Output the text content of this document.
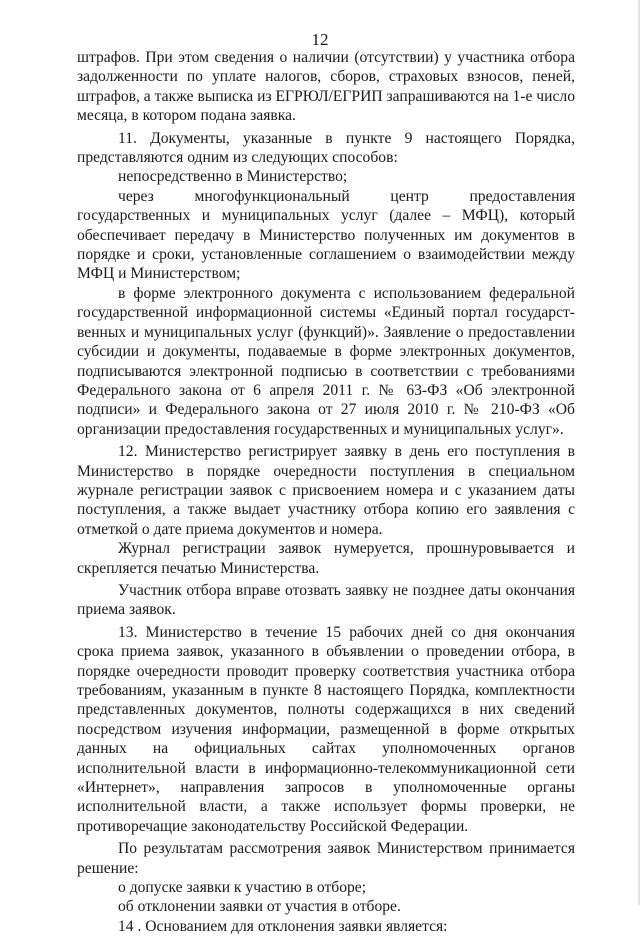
12

штрафов. При этом сведения о наличии (отсутствии) у участника отбора задолженности по уплате налогов, сборов, страховых взносов, пеней, штрафов, а также выписка из ЕГРЮЛ/ЕГРИП запрашиваются на 1-е число месяца, в котором подана заявка.

11. Документы, указанные в пункте 9 настоящего Порядка, представляются одним из следующих способов:

непосредственно в Министерство;

через многофункциональный центр предоставления государственных и муниципальных услуг (далее – МФЦ), который обеспечивает передачу в Министерство полученных им документов в порядке и сроки, установленные соглашением о взаимодействии между МФЦ и Министерством;

в форме электронного документа с использованием федеральной государственной информационной системы «Единый портал государст-венных и муниципальных услуг (функций)». Заявление о предоставлении субсидии и документы, подаваемые в форме электронных документов, подписываются электронной подписью в соответствии с требованиями Федерального закона от 6 апреля 2011 г. № 63-ФЗ «Об электронной подписи» и Федерального закона от 27 июля 2010 г. № 210-ФЗ «Об организации предоставления государственных и муниципальных услуг».

12. Министерство регистрирует заявку в день его поступления в Министерство в порядке очередности поступления в специальном журнале регистрации заявок с присвоением номера и с указанием даты поступления, а также выдает участнику отбора копию его заявления с отметкой о дате приема документов и номера.

Журнал регистрации заявок нумеруется, прошнуровывается и скрепляется печатью Министерства.

Участник отбора вправе отозвать заявку не позднее даты окончания приема заявок.

13. Министерство в течение 15 рабочих дней со дня окончания срока приема заявок, указанного в объявлении о проведении отбора, в порядке очередности проводит проверку соответствия участника отбора требованиям, указанным в пункте 8 настоящего Порядка, комплектности представленных документов, полноты содержащихся в них сведений посредством изучения информации, размещенной в форме открытых данных на официальных сайтах уполномоченных органов исполнительной власти в информационно-телекоммуникационной сети «Интернет», направления запросов в уполномоченные органы исполнительной власти, а также использует формы проверки, не противоречащие законодательству Российской Федерации.

По результатам рассмотрения заявок Министерством принимается решение:

о допуске заявки к участию в отборе;

об отклонении заявки от участия в отборе.

14 . Основанием для отклонения заявки является:
